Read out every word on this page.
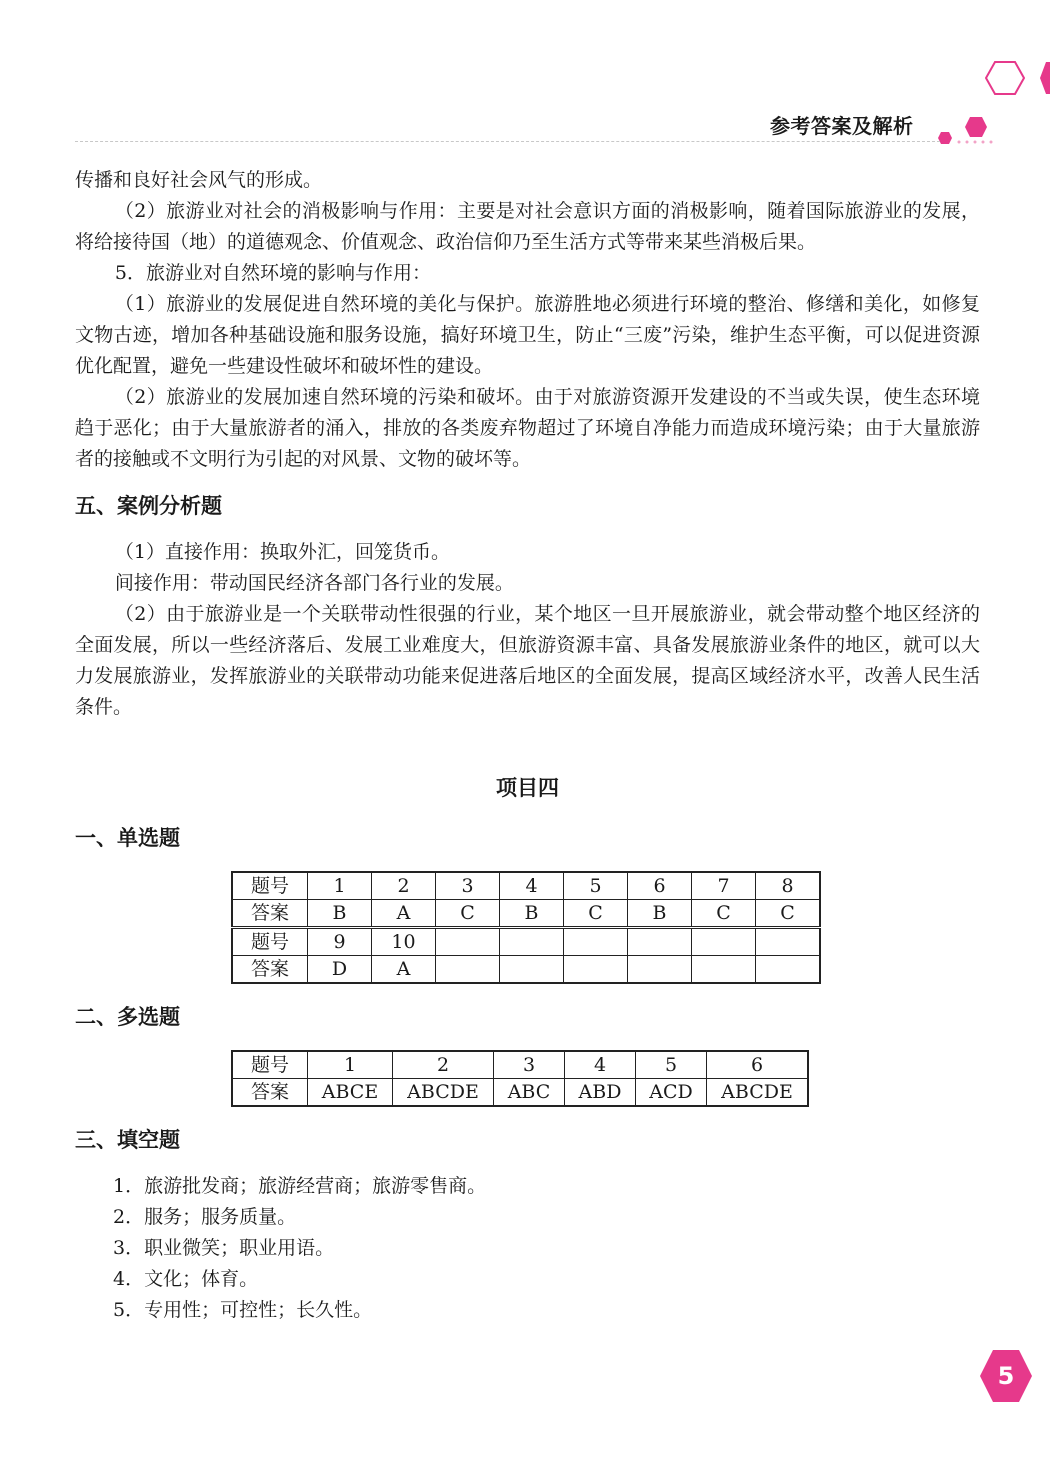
参考答案及解析

传播和良好社会风气的形成。

（2）旅游业对社会的消极影响与作用：主要是对社会意识方面的消极影响，随着国际旅游业的发展，将给接待国（地）的道德观念、价值观念、政治信仰乃至生活方式等带来某些消极后果。

5．旅游业对自然环境的影响与作用：

（1）旅游业的发展促进自然环境的美化与保护。旅游胜地必须进行环境的整治、修缮和美化，如修复文物古迹，增加各种基础设施和服务设施，搞好环境卫生，防止“三废”污染，维护生态平衡，可以促进资源优化配置，避免一些建设性破坏和破坏性的建设。

（2）旅游业的发展加速自然环境的污染和破坏。由于对旅游资源开发建设的不当或失误，使生态环境趋于恶化；由于大量旅游者的涌入，排放的各类废弃物超过了环境自净能力而造成环境污染；由于大量旅游者的接触或不文明行为引起的对风景、文物的破坏等。

五、案例分析题

（1）直接作用：换取外汇，回笼货币。

间接作用：带动国民经济各部门各行业的发展。

（2）由于旅游业是一个关联带动性很强的行业，某个地区一旦开展旅游业，就会带动整个地区经济的全面发展，所以一些经济落后、发展工业难度大，但旅游资源丰富、具备发展旅游业条件的地区，就可以大力发展旅游业，发挥旅游业的关联带动功能来促进落后地区的全面发展，提高区域经济水平，改善人民生活条件。

项目四
一、单选题
题号	1	2	3	4	5	6	7	8
答案	B	A	C	B	C	B	C	C
题号	9	10						
答案	D	A						
二、多选题
题号	1	2	3	4	5	6
答案	ABCE	ABCDE	ABC	ABD	ACD	ABCDE
三、填空题

1．旅游批发商；旅游经营商；旅游零售商。

2．服务；服务质量。

3．职业微笑；职业用语。

4．文化；体育。

5．专用性；可控性；长久性。

5
